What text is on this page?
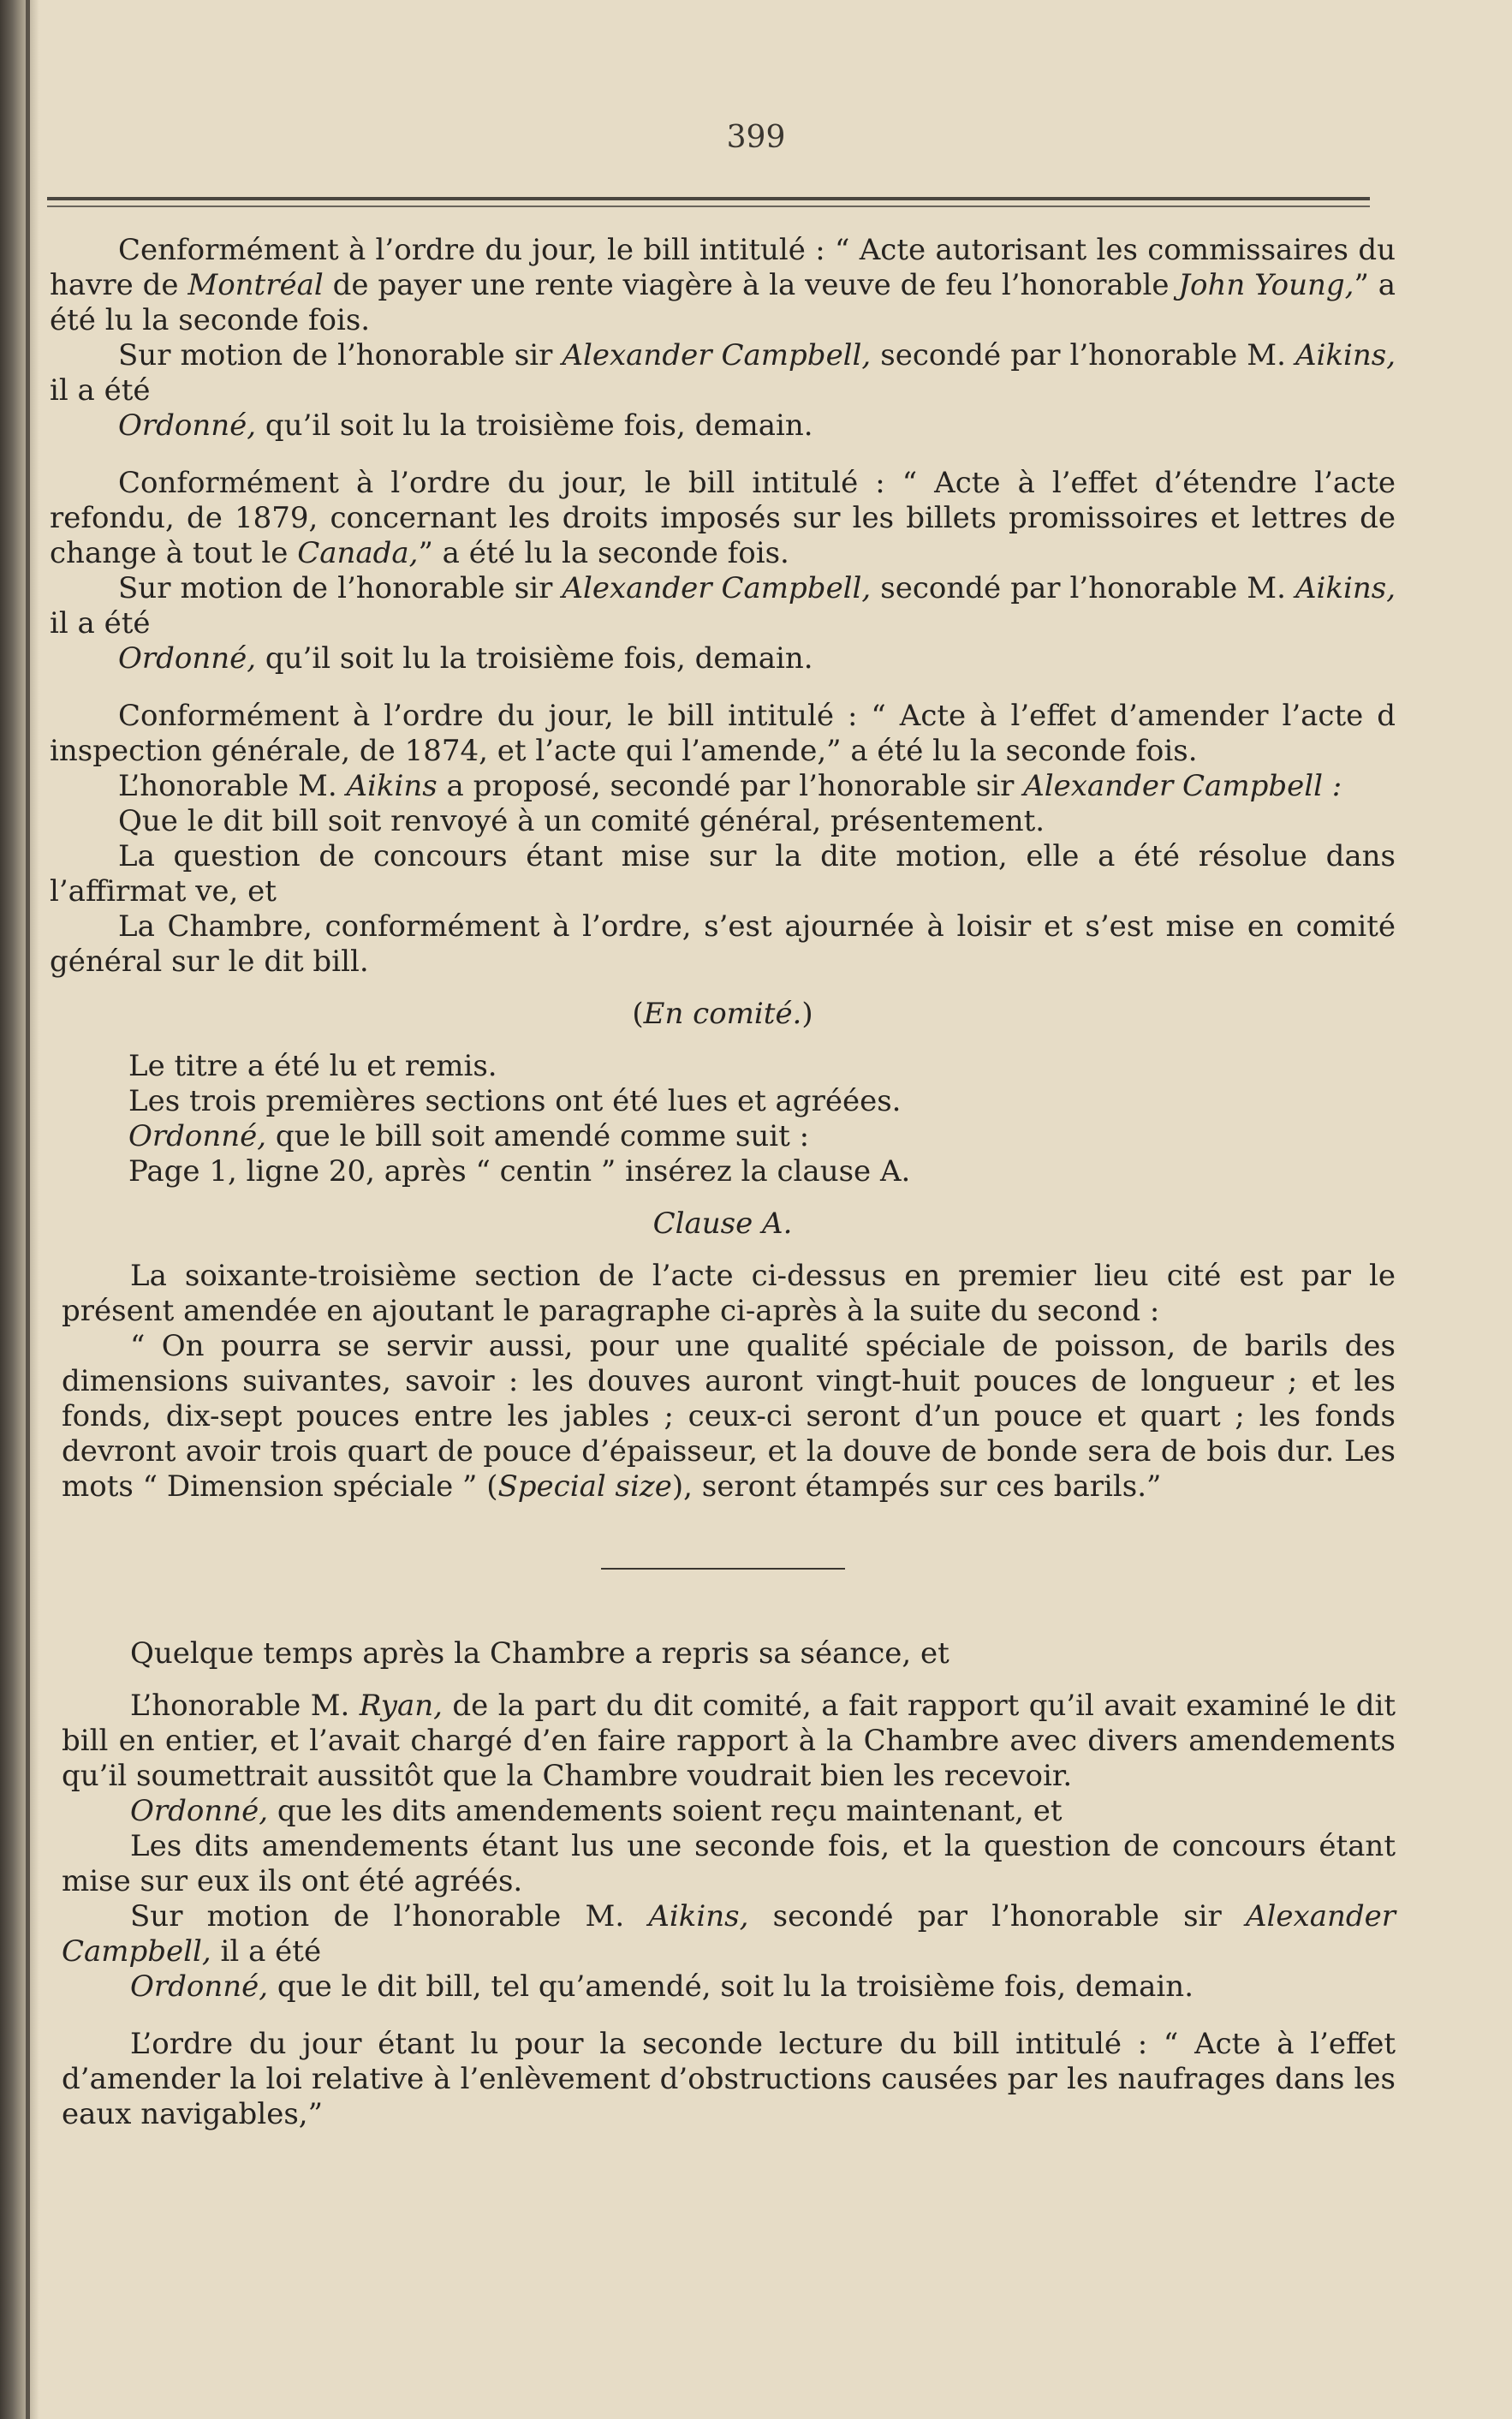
399

Cenformément à l’ordre du jour, le bill intitulé : “ Acte autorisant les commissaires du havre de Montréal de payer une rente viagère à la veuve de feu l’honorable John Young,” a été lu la seconde fois.

Sur motion de l’honorable sir Alexander Campbell, secondé par l’honorable M. Aikins, il a été

Ordonné, qu’il soit lu la troisième fois, demain.

Conformément à l’ordre du jour, le bill intitulé : “ Acte à l’effet d’étendre l’acte refondu, de 1879, concernant les droits imposés sur les billets promissoires et lettres de change à tout le Canada,” a été lu la seconde fois.

Sur motion de l’honorable sir Alexander Campbell, secondé par l’honorable M. Aikins, il a été

Ordonné, qu’il soit lu la troisième fois, demain.

Conformément à l’ordre du jour, le bill intitulé : “ Acte à l’effet d’amender l’acte d inspection générale, de 1874, et l’acte qui l’amende,” a été lu la seconde fois.

L’honorable M. Aikins a proposé, secondé par l’honorable sir Alexander Campbell :

Que le dit bill soit renvoyé à un comité général, présentement.

La question de concours étant mise sur la dite motion, elle a été résolue dans l’affirmat ve, et

La Chambre, conformément à l’ordre, s’est ajournée à loisir et s’est mise en comité général sur le dit bill.

(En comité.)

Le titre a été lu et remis.

Les trois premières sections ont été lues et agréées.

Ordonné, que le bill soit amendé comme suit :

Page 1, ligne 20, après “ centin ” insérez la clause A.

Clause A.

La soixante-troisième section de l’acte ci-dessus en premier lieu cité est par le présent amendée en ajoutant le paragraphe ci-après à la suite du second :

“ On pourra se servir aussi, pour une qualité spéciale de poisson, de barils des dimensions suivantes, savoir : les douves auront vingt-huit pouces de longueur ; et les fonds, dix-sept pouces entre les jables ; ceux-ci seront d’un pouce et quart ; les fonds devront avoir trois quart de pouce d’épaisseur, et la douve de bonde sera de bois dur. Les mots “ Dimension spéciale ” (Special size), seront étampés sur ces barils.”

Quelque temps après la Chambre a repris sa séance, et

L’honorable M. Ryan, de la part du dit comité, a fait rapport qu’il avait examiné le dit bill en entier, et l’avait chargé d’en faire rapport à la Chambre avec divers amendements qu’il soumettrait aussitôt que la Chambre voudrait bien les recevoir.

Ordonné, que les dits amendements soient reçu maintenant, et

Les dits amendements étant lus une seconde fois, et la question de concours étant mise sur eux ils ont été agréés.

Sur motion de l’honorable M. Aikins, secondé par l’honorable sir Alexander Campbell, il a été

Ordonné, que le dit bill, tel qu’amendé, soit lu la troisième fois, demain.

L’ordre du jour étant lu pour la seconde lecture du bill intitulé : “ Acte à l’effet d’amender la loi relative à l’enlèvement d’obstructions causées par les naufrages dans les eaux navigables,”
